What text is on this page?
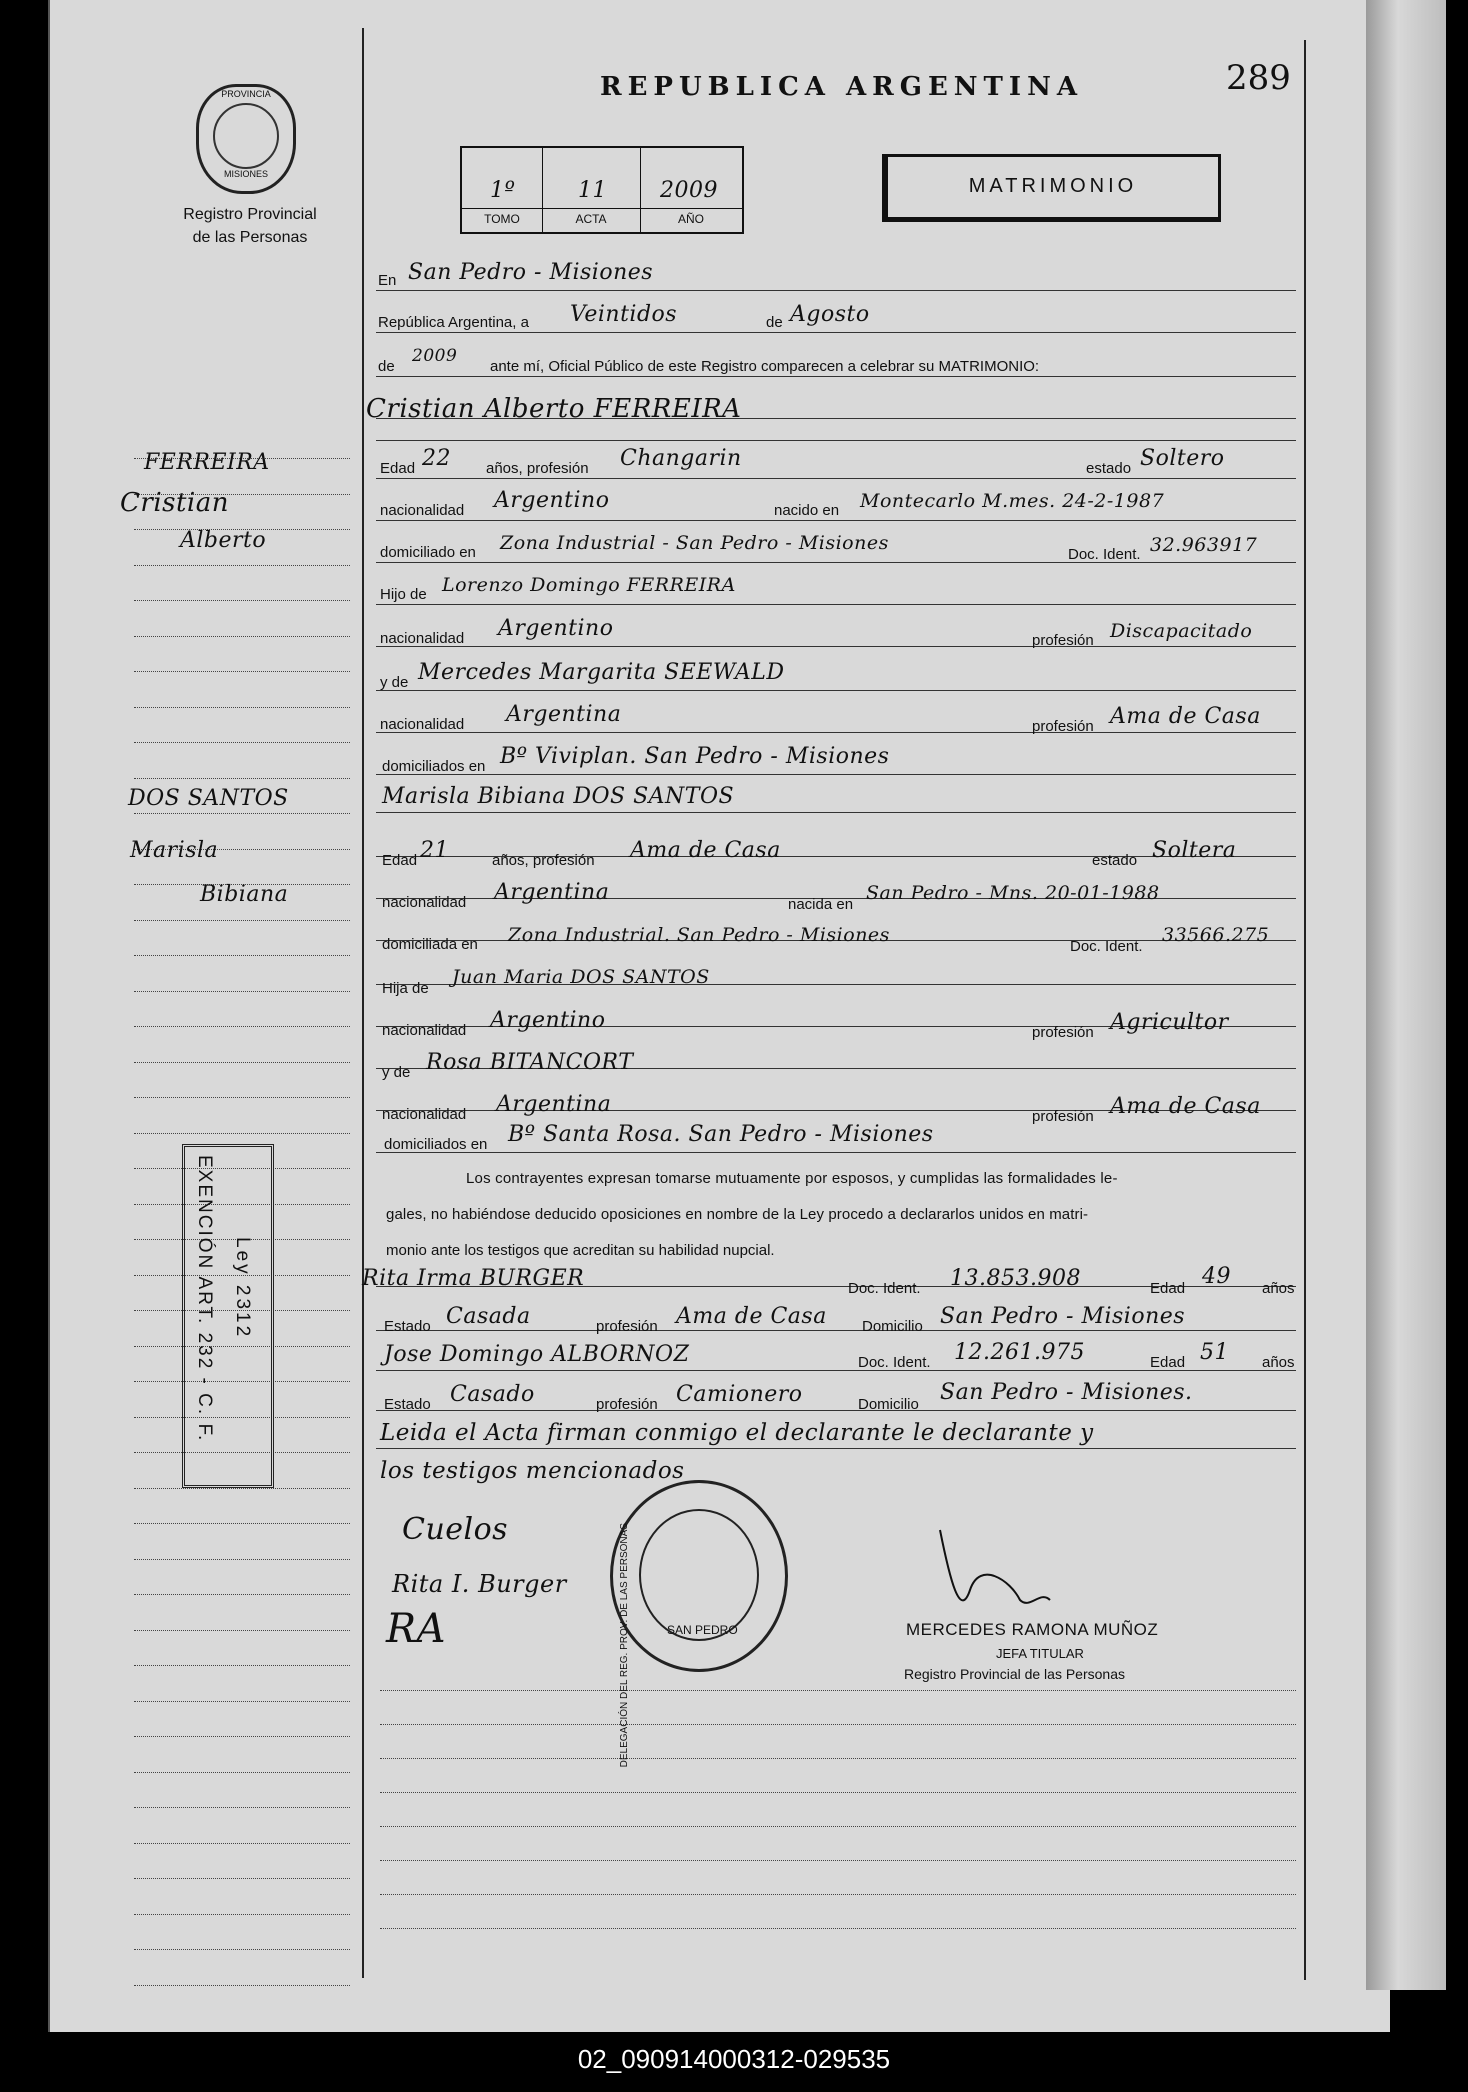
PROVINCIA
MISIONES
Registro Provincial
de las Personas
REPUBLICA ARGENTINA	289
1º	11 2009
TOMO	ACTA	AÑO
MATRIMONIO
En San Pedro - Misiones
República Argentina, a Veintidos	de Agosto
de
2009
ante mí, Oficial Público de este Registro comparecen a celebrar su MATRIMONIO:
Cristian Alberto FERREIRA
FERREIRA
Cristian
Alberto
Edad 22 años, profesión Changarin	estado Soltero
nacionalidad Argentino	nacido en Montecarlo M.mes. 24-2-1987
domiciliado en Zona Industrial - San Pedro - Misiones
Doc. Ident. 32.963917
Hijo de Lorenzo Domingo FERREIRA
nacionalidad Argentino	profesión Discapacitado
y de Mercedes Margarita SEEWALD
nacionalidad Argentina	profesión Ama de Casa
domiciliados en Bº Viviplan. San Pedro - Misiones
Marisla Bibiana DOS SANTOS
DOS SANTOS
Marisla
Bibiana
Edad 21	años, profesión Ama de Casa	estado Soltera
nacionalidad Argentina	nacida en
San Pedro - Mns. 20-01-1988
domiciliada en Zona Industrial. San Pedro - Misiones
Doc. Ident.
33566.275
Hija de
Juan Maria DOS SANTOS
nacionalidad Argentino	profesión Agricultor
y de Rosa BITANCORT
nacionalidad Argentina	profesión Ama de Casa
domiciliados en Bº Santa Rosa. San Pedro - Misiones
Los contrayentes expresan tomarse mutuamente por esposos, y cumplidas las formalidades le-
gales, no habiéndose deducido oposiciones en nombre de la Ley procedo a declararlos unidos en matri-
monio ante los testigos que acreditan su habilidad nupcial.
Rita Irma BURGER	Doc. Ident. 13.853.908	Edad 49 años
Estado Casada	profesión Ama de Casa Domicilio San Pedro - Misiones
Jose Domingo ALBORNOZ	Doc. Ident. 12.261.975	Edad 51 años
Estado Casado	profesión Camionero	Domicilio San Pedro - Misiones.
Leida el Acta firman conmigo el declarante le declarante y
los testigos mencionados
EXENCIÓN ART. 232 - C. F. Ley 2312
DELEGACIÓN DEL REG. PROV. DE LAS PERSONAS	SAN PEDRO
Cuelos
Rita I. Burger
RA	MERCEDES RAMONA MUÑOZ
JEFA TITULAR
Registro Provincial de las Personas
02_090914000312-029535
